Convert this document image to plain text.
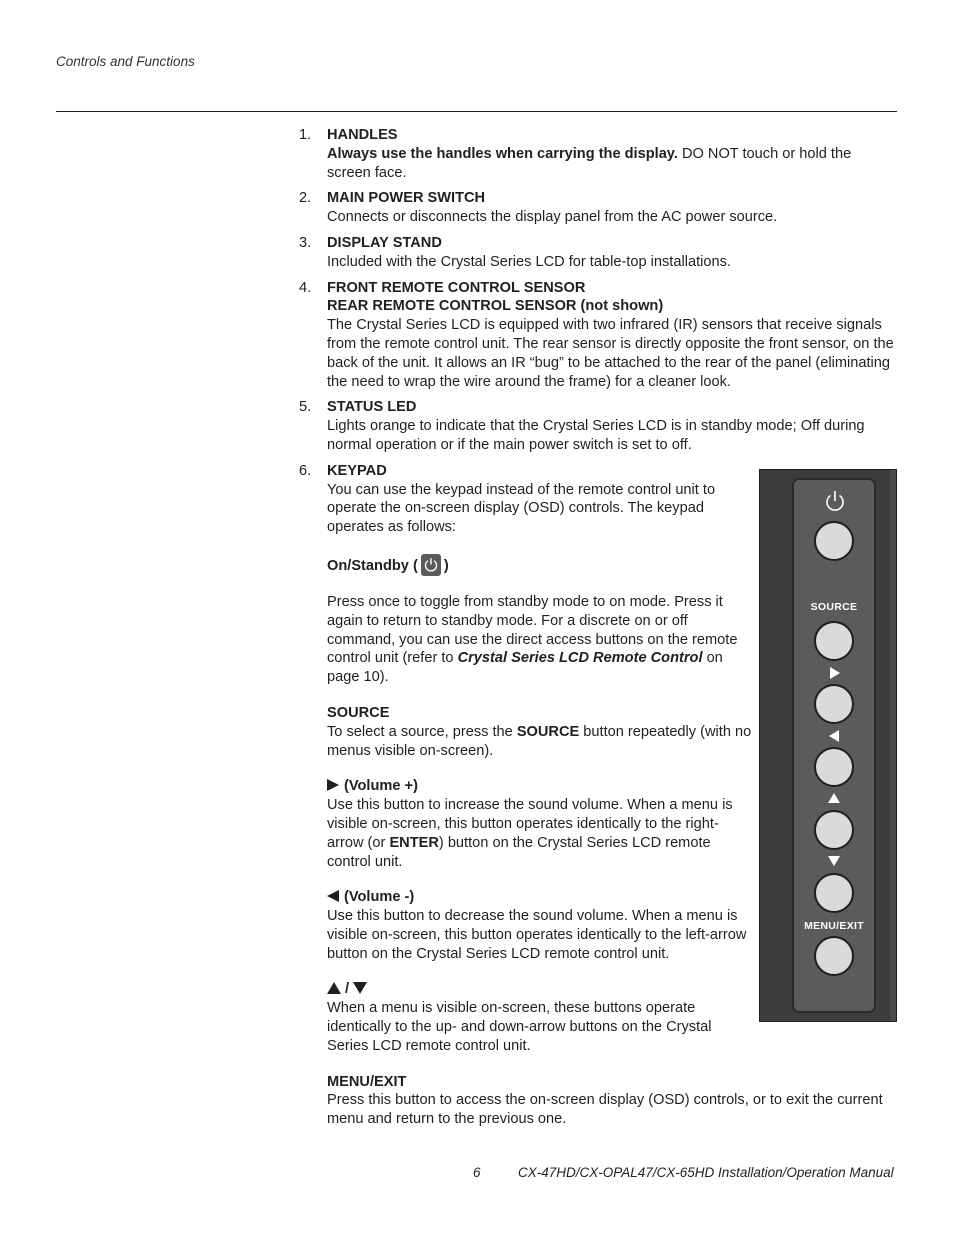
Controls and Functions
1. HANDLES
Always use the handles when carrying the display. DO NOT touch or hold the screen face.
2. MAIN POWER SWITCH
Connects or disconnects the display panel from the AC power source.
3. DISPLAY STAND
Included with the Crystal Series LCD for table-top installations.
4. FRONT REMOTE CONTROL SENSOR
REAR REMOTE CONTROL SENSOR (not shown)
The Crystal Series LCD is equipped with two infrared (IR) sensors that receive signals from the remote control unit. The rear sensor is directly opposite the front sensor, on the back of the unit. It allows an IR “bug” to be attached to the rear of the panel (eliminating the need to wrap the wire around the frame) for a cleaner look.
5. STATUS LED
Lights orange to indicate that the Crystal Series LCD is in standby mode; Off during normal operation or if the main power switch is set to off.
6. KEYPAD
You can use the keypad instead of the remote control unit to operate the on-screen display (OSD) controls. The keypad operates as follows:
On/Standby ( )
Press once to toggle from standby mode to on mode. Press it again to return to standby mode. For a discrete on or off command, you can use the direct access buttons on the remote control unit (refer to Crystal Series LCD Remote Control on page 10).
SOURCE
To select a source, press the SOURCE button repeatedly (with no menus visible on-screen).
(Volume +)
Use this button to increase the sound volume. When a menu is visible on-screen, this button operates identically to the right-arrow (or ENTER) button on the Crystal Series LCD remote control unit.
(Volume -)
Use this button to decrease the sound volume. When a menu is visible on-screen, this button operates identically to the left-arrow button on the Crystal Series LCD remote control unit.
/
When a menu is visible on-screen, these buttons operate identically to the up- and down-arrow buttons on the Crystal Series LCD remote control unit.
MENU/EXIT
Press this button to access the on-screen display (OSD) controls, or to exit the current menu and return to the previous one.
SOURCE
MENU/EXIT
6	CX-47HD/CX-OPAL47/CX-65HD Installation/Operation Manual
